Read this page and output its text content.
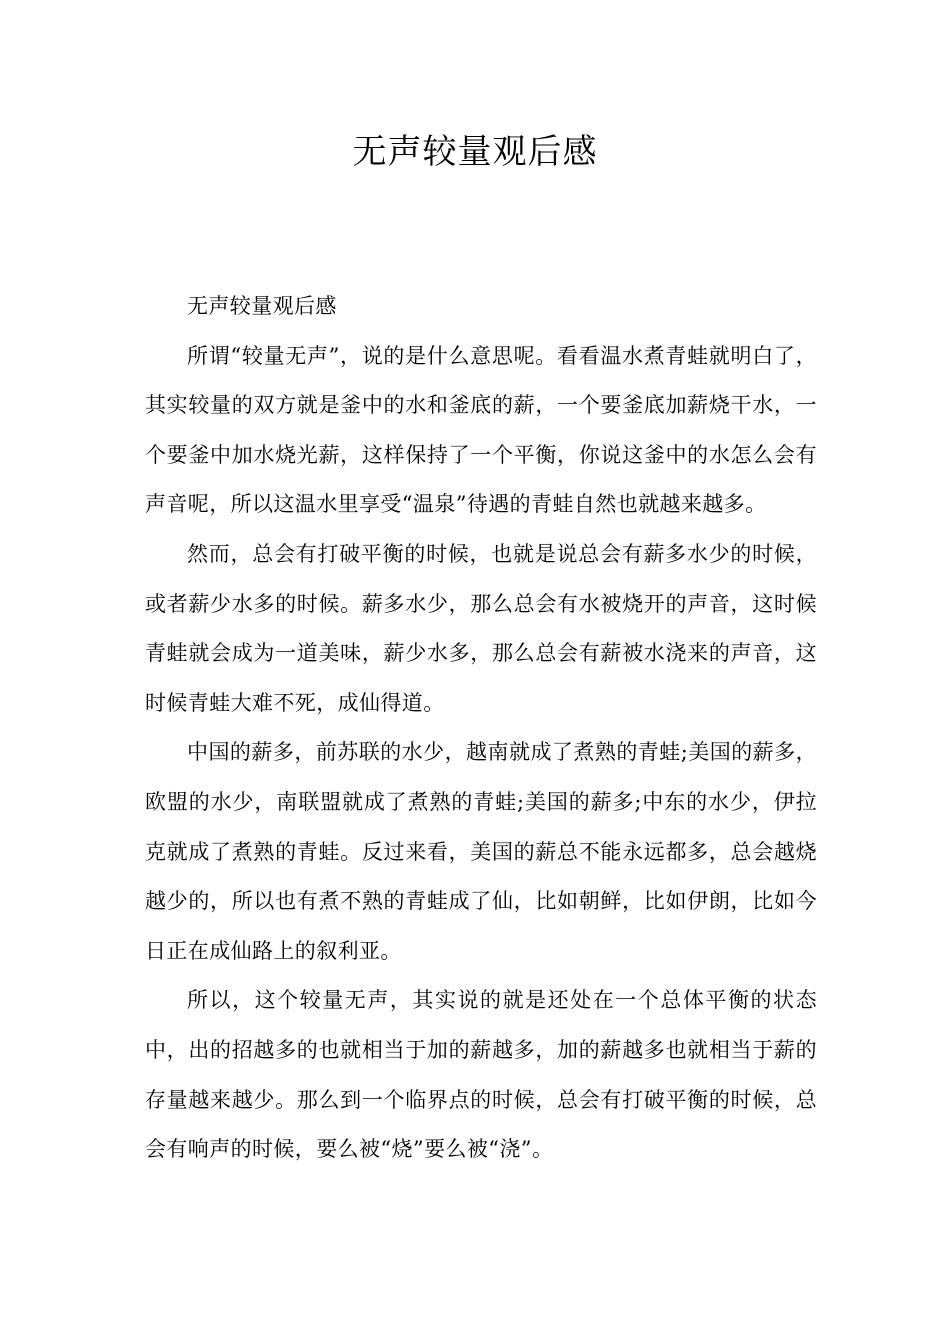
无声较量观后感

无声较量观后感

所谓“较量无声”，说的是什么意思呢。看看温水煮青蛙就明白了，其实较量的双方就是釜中的水和釜底的薪，一个要釜底加薪烧干水，一个要釜中加水烧光薪，这样保持了一个平衡，你说这釜中的水怎么会有声音呢，所以这温水里享受“温泉”待遇的青蛙自然也就越来越多。

然而，总会有打破平衡的时候，也就是说总会有薪多水少的时候，或者薪少水多的时候。薪多水少，那么总会有水被烧开的声音，这时候青蛙就会成为一道美味，薪少水多，那么总会有薪被水浇来的声音，这时候青蛙大难不死，成仙得道。

中国的薪多，前苏联的水少，越南就成了煮熟的青蛙;美国的薪多，欧盟的水少，南联盟就成了煮熟的青蛙;美国的薪多;中东的水少，伊拉克就成了煮熟的青蛙。反过来看，美国的薪总不能永远都多，总会越烧越少的，所以也有煮不熟的青蛙成了仙，比如朝鲜，比如伊朗，比如今日正在成仙路上的叙利亚。

所以，这个较量无声，其实说的就是还处在一个总体平衡的状态中，出的招越多的也就相当于加的薪越多，加的薪越多也就相当于薪的存量越来越少。那么到一个临界点的时候，总会有打破平衡的时候，总会有响声的时候，要么被“烧”要么被“浇”。
